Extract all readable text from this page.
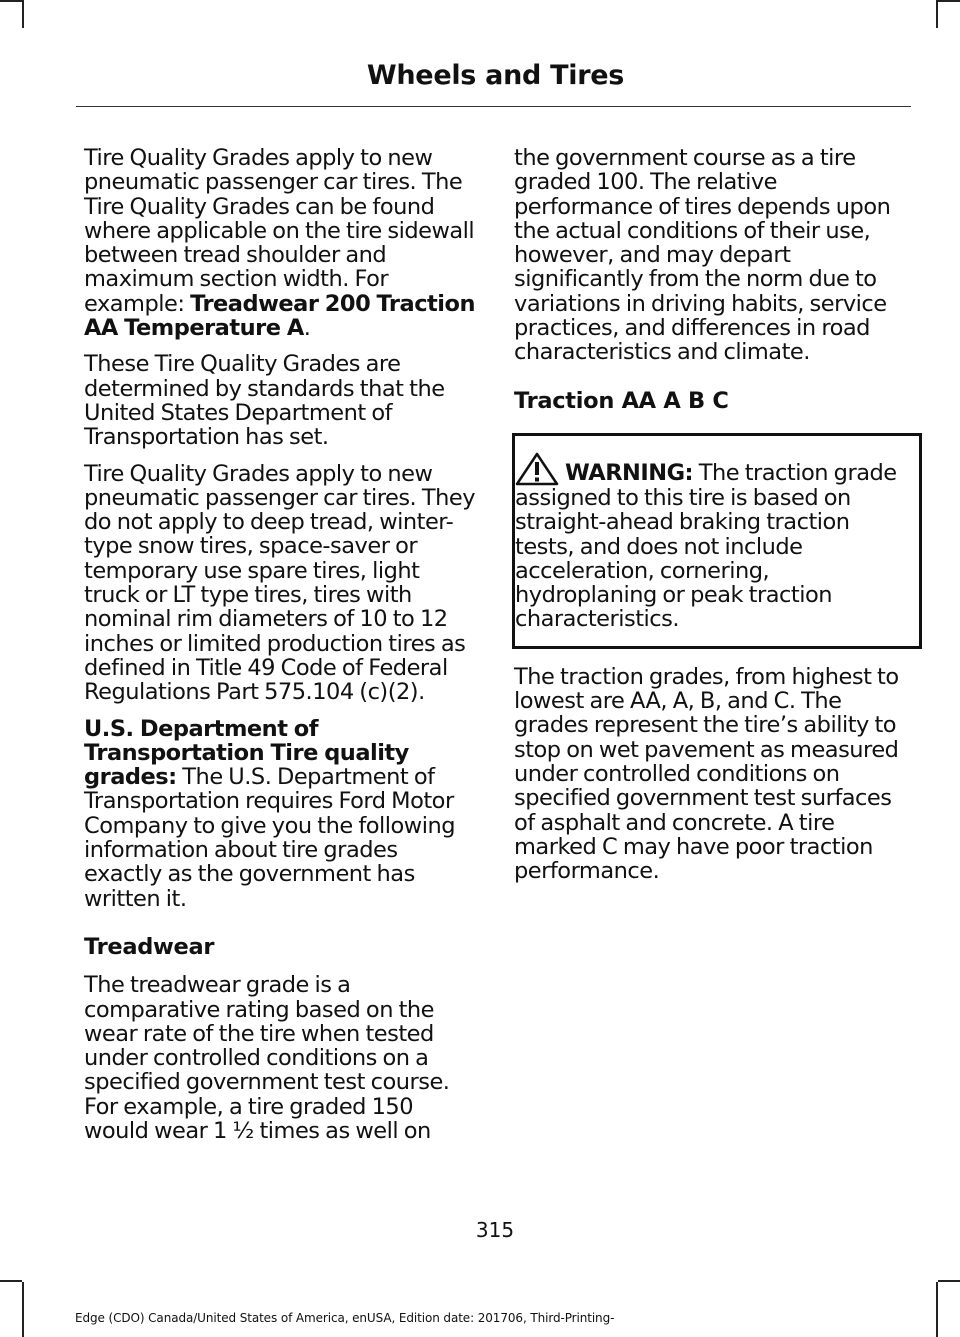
Wheels and Tires

Tire Quality Grades apply to new pneumatic passenger car tires. The Tire Quality Grades can be found where applicable on the tire sidewall between tread shoulder and maximum section width. For example: Treadwear 200 Traction AA Temperature A.

These Tire Quality Grades are determined by standards that the United States Department of Transportation has set.

Tire Quality Grades apply to new pneumatic passenger car tires. They do not apply to deep tread, winter-type snow tires, space-saver or temporary use spare tires, light truck or LT type tires, tires with nominal rim diameters of 10 to 12 inches or limited production tires as defined in Title 49 Code of Federal Regulations Part 575.104 (c)(2).

U.S. Department of Transportation Tire quality grades: The U.S. Department of Transportation requires Ford Motor Company to give you the following information about tire grades exactly as the government has written it.

Treadwear

The treadwear grade is a comparative rating based on the wear rate of the tire when tested under controlled conditions on a specified government test course. For example, a tire graded 150 would wear 1 ½ times as well on

the government course as a tire graded 100. The relative performance of tires depends upon the actual conditions of their use, however, and may depart significantly from the norm due to variations in driving habits, service practices, and differences in road characteristics and climate.

Traction AA A B C

WARNING: The traction grade assigned to this tire is based on straight-ahead braking traction tests, and does not include acceleration, cornering, hydroplaning or peak traction characteristics.

The traction grades, from highest to lowest are AA, A, B, and C. The grades represent the tire’s ability to stop on wet pavement as measured under controlled conditions on specified government test surfaces of asphalt and concrete. A tire marked C may have poor traction performance.

315
Edge (CDO) Canada/United States of America, enUSA, Edition date: 201706, Third-Printing-
